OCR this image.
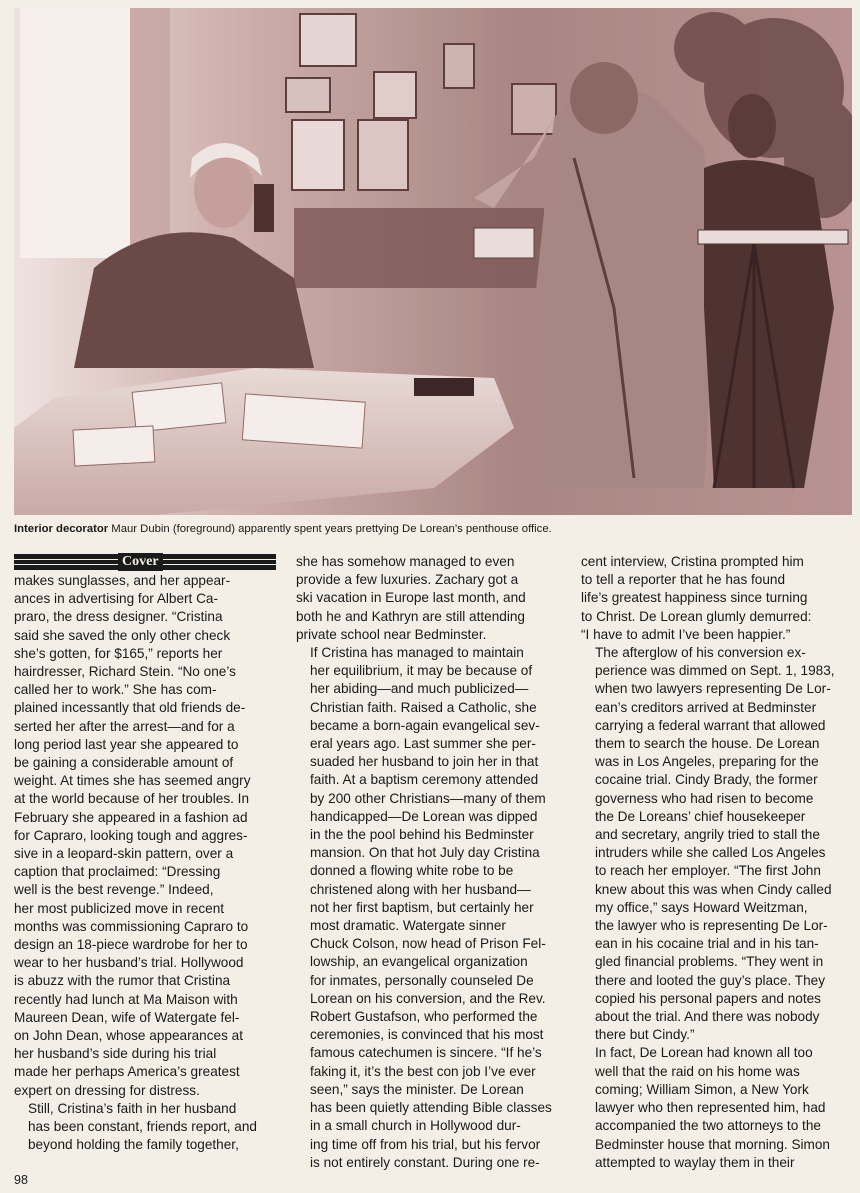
Interior decorator Maur Dubin (foreground) apparently spent years prettying De Lorean’s penthouse office.
Cover

makes sunglasses, and her appear-
ances in advertising for Albert Ca-
praro, the dress designer. “Cristina
said she saved the only other check
she’s gotten, for $165,” reports her
hairdresser, Richard Stein. “No one’s
called her to work.” She has com-
plained incessantly that old friends de-
serted her after the arrest—and for a
long period last year she appeared to
be gaining a considerable amount of
weight. At times she has seemed angry
at the world because of her troubles. In
February she appeared in a fashion ad
for Capraro, looking tough and aggres-
sive in a leopard-skin pattern, over a
caption that proclaimed: “Dressing
well is the best revenge.” Indeed,
her most publicized move in recent
months was commissioning Capraro to
design an 18-piece wardrobe for her to
wear to her husband’s trial. Hollywood
is abuzz with the rumor that Cristina
recently had lunch at Ma Maison with
Maureen Dean, wife of Watergate fel-
on John Dean, whose appearances at
her husband’s side during his trial
made her perhaps America’s greatest
expert on dressing for distress.

Still, Cristina’s faith in her husband
has been constant, friends report, and
beyond holding the family together,

she has somehow managed to even
provide a few luxuries. Zachary got a
ski vacation in Europe last month, and
both he and Kathryn are still attending
private school near Bedminster.

If Cristina has managed to maintain
her equilibrium, it may be because of
her abiding—and much publicized—
Christian faith. Raised a Catholic, she
became a born-again evangelical sev-
eral years ago. Last summer she per-
suaded her husband to join her in that
faith. At a baptism ceremony attended
by 200 other Christians—many of them
handicapped—De Lorean was dipped
in the the pool behind his Bedminster
mansion. On that hot July day Cristina
donned a flowing white robe to be
christened along with her husband—
not her first baptism, but certainly her
most dramatic. Watergate sinner
Chuck Colson, now head of Prison Fel-
lowship, an evangelical organization
for inmates, personally counseled De
Lorean on his conversion, and the Rev.
Robert Gustafson, who performed the
ceremonies, is convinced that his most
famous catechumen is sincere. “If he’s
faking it, it’s the best con job I’ve ever
seen,” says the minister. De Lorean
has been quietly attending Bible classes
in a small church in Hollywood dur-
ing time off from his trial, but his fervor
is not entirely constant. During one re-

cent interview, Cristina prompted him
to tell a reporter that he has found
life’s greatest happiness since turning
to Christ. De Lorean glumly demurred:
“I have to admit I’ve been happier.”

The afterglow of his conversion ex-
perience was dimmed on Sept. 1, 1983,
when two lawyers representing De Lor-
ean’s creditors arrived at Bedminster
carrying a federal warrant that allowed
them to search the house. De Lorean
was in Los Angeles, preparing for the
cocaine trial. Cindy Brady, the former
governess who had risen to become
the De Loreans’ chief housekeeper
and secretary, angrily tried to stall the
intruders while she called Los Angeles
to reach her employer. “The first John
knew about this was when Cindy called
my office,” says Howard Weitzman,
the lawyer who is representing De Lor-
ean in his cocaine trial and in his tan-
gled financial problems. “They went in
there and looted the guy’s place. They
copied his personal papers and notes
about the trial. And there was nobody
there but Cindy.”

In fact, De Lorean had known all too
well that the raid on his home was
coming; William Simon, a New York
lawyer who then represented him, had
accompanied the two attorneys to the
Bedminster house that morning. Simon
attempted to waylay them in their

98
